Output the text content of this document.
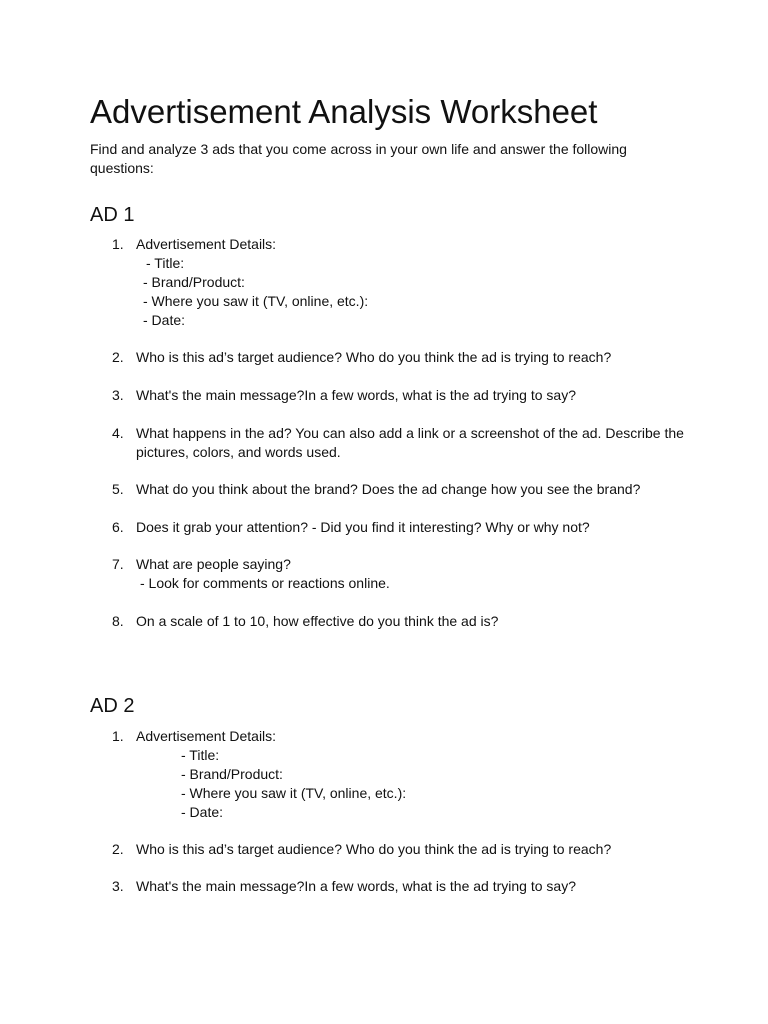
Advertisement Analysis Worksheet

Find and analyze 3 ads that you come across in your own life and answer the following questions:

AD 1
1. Advertisement Details:
- Title:
- Brand/Product:
- Where you saw it (TV, online, etc.):
- Date:
2. Who is this ad’s target audience? Who do you think the ad is trying to reach?
3. What's the main message?In a few words, what is the ad trying to say?
4. What happens in the ad? You can also add a link or a screenshot of the ad. Describe the pictures, colors, and words used.
5. What do you think about the brand? Does the ad change how you see the brand?
6. Does it grab your attention? - Did you find it interesting? Why or why not?
7. What are people saying?
- Look for comments or reactions online.
8. On a scale of 1 to 10, how effective do you think the ad is?
AD 2
1. Advertisement Details:
- Title:
- Brand/Product:
- Where you saw it (TV, online, etc.):
- Date:
2. Who is this ad’s target audience? Who do you think the ad is trying to reach?
3. What's the main message?In a few words, what is the ad trying to say?
